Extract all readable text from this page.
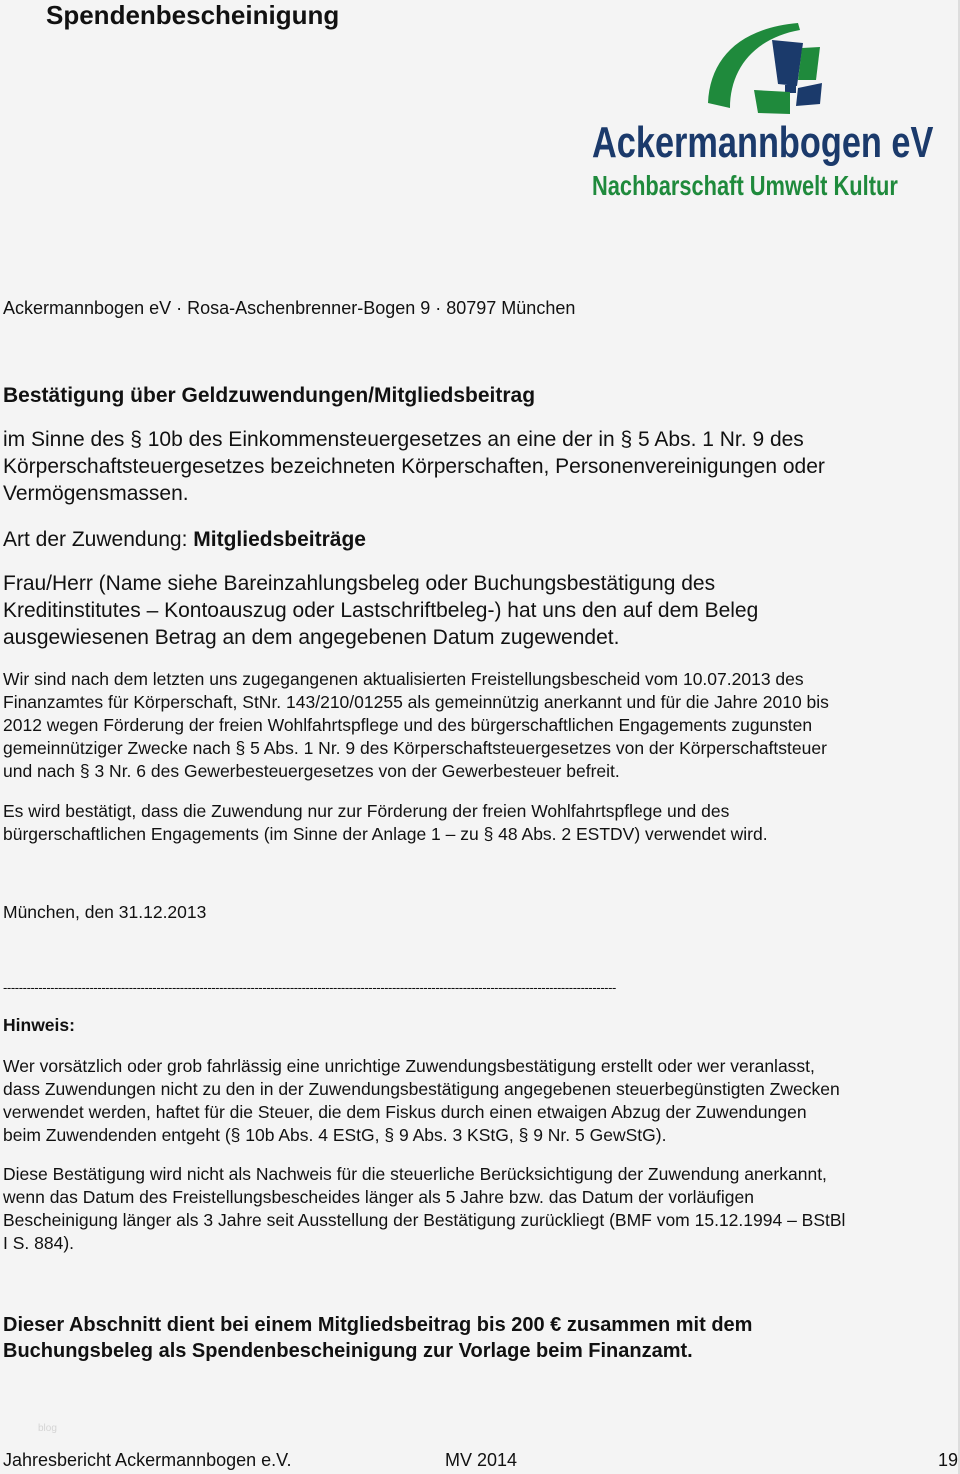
Spendenbescheinigung
Ackermannbogen eV
Nachbarschaft Umwelt Kultur
Ackermannbogen eV · Rosa-Aschenbrenner-Bogen 9 · 80797 München
Bestätigung über Geldzuwendungen/Mitgliedsbeitrag
im Sinne des § 10b des Einkommensteuergesetzes an eine der in § 5 Abs. 1 Nr. 9 des
Körperschaftsteuergesetzes bezeichneten Körperschaften, Personenvereinigungen oder
Vermögensmassen.
Art der Zuwendung: Mitgliedsbeiträge
Frau/Herr (Name siehe Bareinzahlungsbeleg oder Buchungsbestätigung des
Kreditinstitutes – Kontoauszug oder Lastschriftbeleg-) hat uns den auf dem Beleg
ausgewiesenen Betrag an dem angegebenen Datum zugewendet.
Wir sind nach dem letzten uns zugegangenen aktualisierten Freistellungsbescheid vom 10.07.2013 des
Finanzamtes für Körperschaft, StNr. 143/210/01255 als gemeinnützig anerkannt und für die Jahre 2010 bis
2012 wegen Förderung der freien Wohlfahrtspflege und des bürgerschaftlichen Engagements zugunsten
gemeinnütziger Zwecke nach § 5 Abs. 1 Nr. 9 des Körperschaftsteuergesetzes von der Körperschaftsteuer
und nach § 3 Nr. 6 des Gewerbesteuergesetzes von der Gewerbesteuer befreit.
Es wird bestätigt, dass die Zuwendung nur zur Förderung der freien Wohlfahrtspflege und des
bürgerschaftlichen Engagements (im Sinne der Anlage 1 – zu § 48 Abs. 2 ESTDV) verwendet wird.
München, den 31.12.2013
------------------------------------------------------------------------------------------------------------------------------------------------------------
Hinweis:
Wer vorsätzlich oder grob fahrlässig eine unrichtige Zuwendungsbestätigung erstellt oder wer veranlasst,
dass Zuwendungen nicht zu den in der Zuwendungsbestätigung angegebenen steuerbegünstigten Zwecken
verwendet werden, haftet für die Steuer, die dem Fiskus durch einen etwaigen Abzug der Zuwendungen
beim Zuwendenden entgeht (§ 10b Abs. 4 EStG, § 9 Abs. 3 KStG, § 9 Nr. 5 GewStG).
Diese Bestätigung wird nicht als Nachweis für die steuerliche Berücksichtigung der Zuwendung anerkannt,
wenn das Datum des Freistellungsbescheides länger als 5 Jahre bzw. das Datum der vorläufigen
Bescheinigung länger als 3 Jahre seit Ausstellung der Bestätigung zurückliegt (BMF vom 15.12.1994 – BStBl
I S. 884).
Dieser Abschnitt dient bei einem Mitgliedsbeitrag bis 200 € zusammen mit dem
Buchungsbeleg als Spendenbescheinigung zur Vorlage beim Finanzamt.
blog
Jahresbericht Ackermannbogen e.V.	MV 2014	19
